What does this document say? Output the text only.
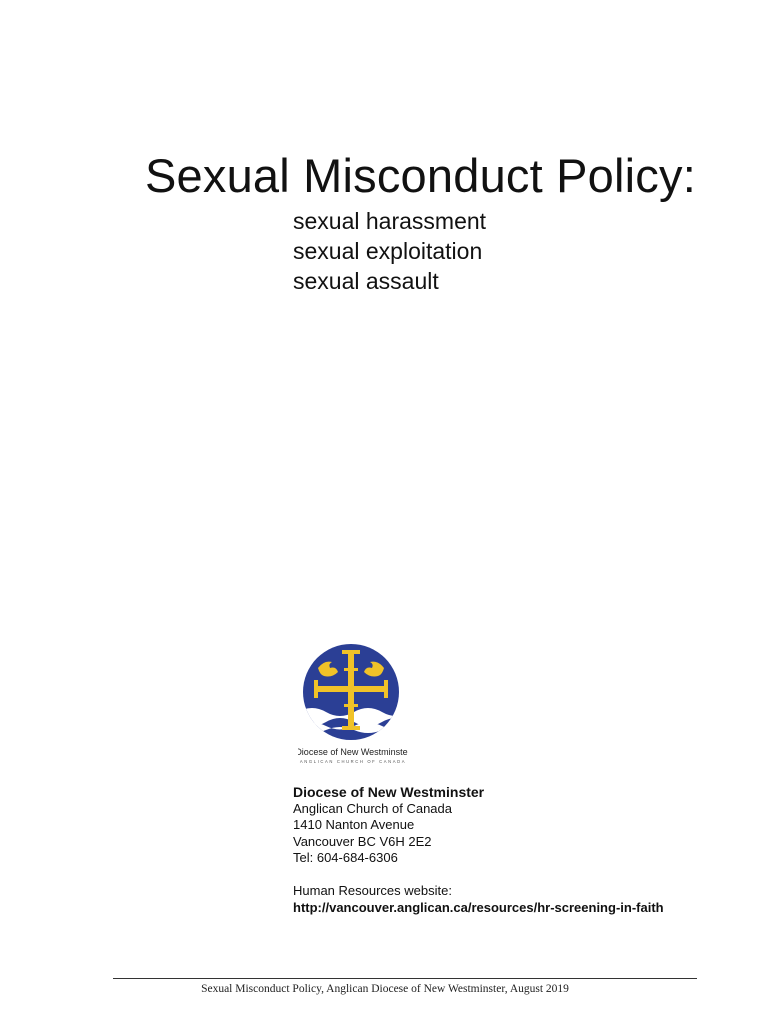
Sexual Misconduct Policy:
sexual harassment
sexual exploitation
sexual assault
Diocese of New Westminster
ANGLICAN CHURCH OF CANADA
Diocese of New Westminster
Anglican Church of Canada
1410 Nanton Avenue
Vancouver BC V6H 2E2
Tel: 604-684-6306
Human Resources website:
http://vancouver.anglican.ca/resources/hr-screening-in-faith
Sexual Misconduct Policy, Anglican Diocese of New Westminster, August 2019
